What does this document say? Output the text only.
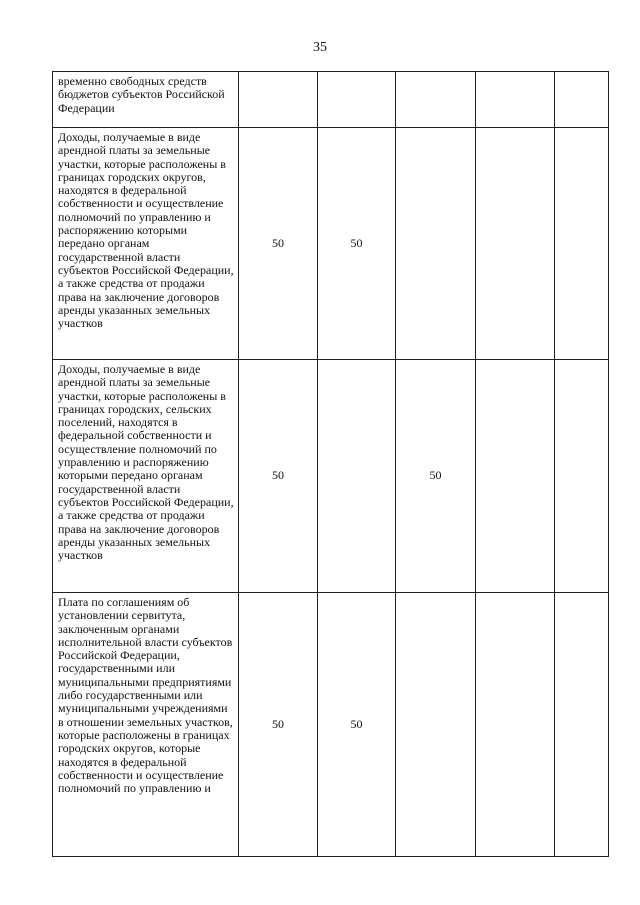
35
временно свободных средств бюджетов субъектов Российской Федерации					
Доходы, получаемые в виде арендной платы за земельные участки, которые расположены в границах городских округов, находятся в федеральной собственности и осуществление полномочий по управлению и распоряжению которыми передано органам государственной власти субъектов Российской Федерации, а также средства от продажи права на заключение договоров аренды указанных земельных участков	50	50			
Доходы, получаемые в виде арендной платы за земельные участки, которые расположены в границах городских, сельских поселений, находятся в федеральной собственности и осуществление полномочий по управлению и распоряжению которыми передано органам государственной власти субъектов Российской Федерации, а также средства от продажи права на заключение договоров аренды указанных земельных участков	50		50		
Плата по соглашениям об установлении сервитута, заключенным органами исполнительной власти субъектов Российской Федерации, государственными или муниципальными предприятиями либо государственными или муниципальными учреждениями в отношении земельных участков, которые расположены в границах городских округов, которые находятся в федеральной собственности и осуществление полномочий по управлению и	50	50			
